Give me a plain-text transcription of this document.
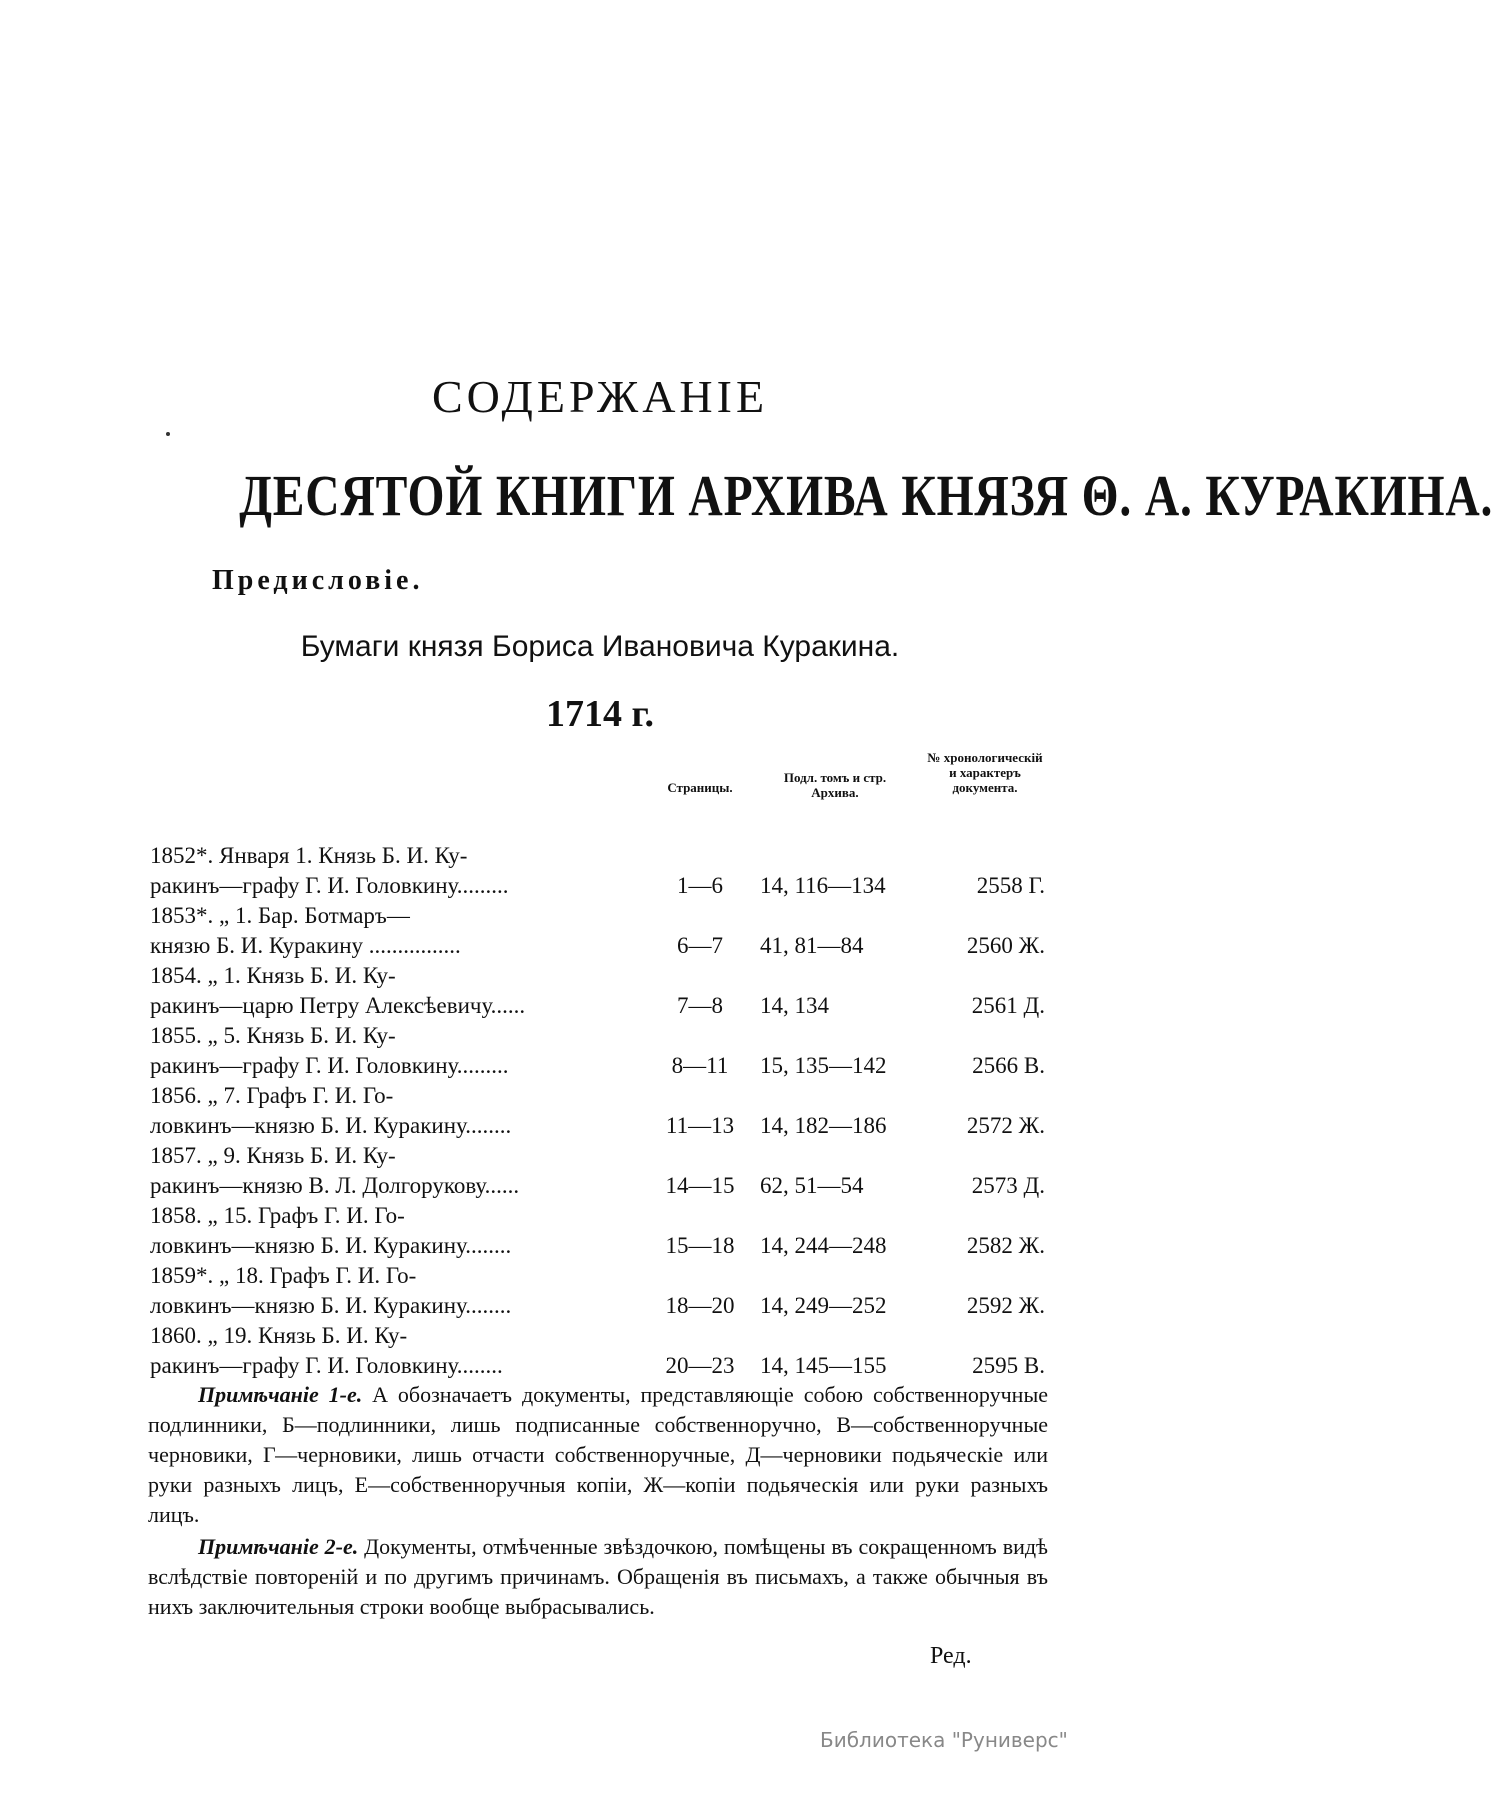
СОДЕРЖАНIЕ
ДЕСЯТОЙ КНИГИ АРХИВА КНЯЗЯ Θ. А. КУРАКИНА.
Предисловіе.
Бумаги князя Бориса Ивановича Куракина.
1714 г.
Страницы.
Подл. томъ и стр. Архива.
№ хронологическій и характеръ документа.
1852*. Января 1. Князь Б. И. Ку-
ракинъ—графу Г. И. Головкину.........	1—6	14, 116—134	2558 Г.
1853*. „ 1. Бар. Ботмаръ—
князю Б. И. Куракину ................	6—7	41, 81—84	2560 Ж.
1854. „ 1. Князь Б. И. Ку-
ракинъ—царю Петру Алексѣевичу......	7—8	14, 134	2561 Д.
1855. „ 5. Князь Б. И. Ку-
ракинъ—графу Г. И. Головкину.........	8—11	15, 135—142	2566 В.
1856. „ 7. Графъ Г. И. Го-
ловкинъ—князю Б. И. Куракину........	11—13	14, 182—186	2572 Ж.
1857. „ 9. Князь Б. И. Ку-
ракинъ—князю В. Л. Долгорукову......	14—15	62, 51—54	2573 Д.
1858. „ 15. Графъ Г. И. Го-
ловкинъ—князю Б. И. Куракину........	15—18	14, 244—248	2582 Ж.
1859*. „ 18. Графъ Г. И. Го-
ловкинъ—князю Б. И. Куракину........	18—20	14, 249—252	2592 Ж.
1860. „ 19. Князь Б. И. Ку-
ракинъ—графу Г. И. Головкину........	20—23	14, 145—155	2595 В.

Примѣчаніе 1-е. А обозначаетъ документы, представляющіе собою собственноручные подлинники, Б—подлинники, лишь подписанные собственноручно, В—собственноручные черновики, Г—черновики, лишь отчасти собственноручные, Д—черновики подьяческіе или руки разныхъ лицъ, Е—собственноручныя копіи, Ж—копіи подьяческія или руки разныхъ лицъ.

Примѣчаніе 2-е. Документы, отмѣченные звѣздочкою, помѣщены въ сокращенномъ видѣ вслѣдствіе повтореній и по другимъ причинамъ. Обращенія въ письмахъ, а также обычныя въ нихъ заключительныя строки вообще выбрасывались.

Ред.
Библиотека "Руниверс"
